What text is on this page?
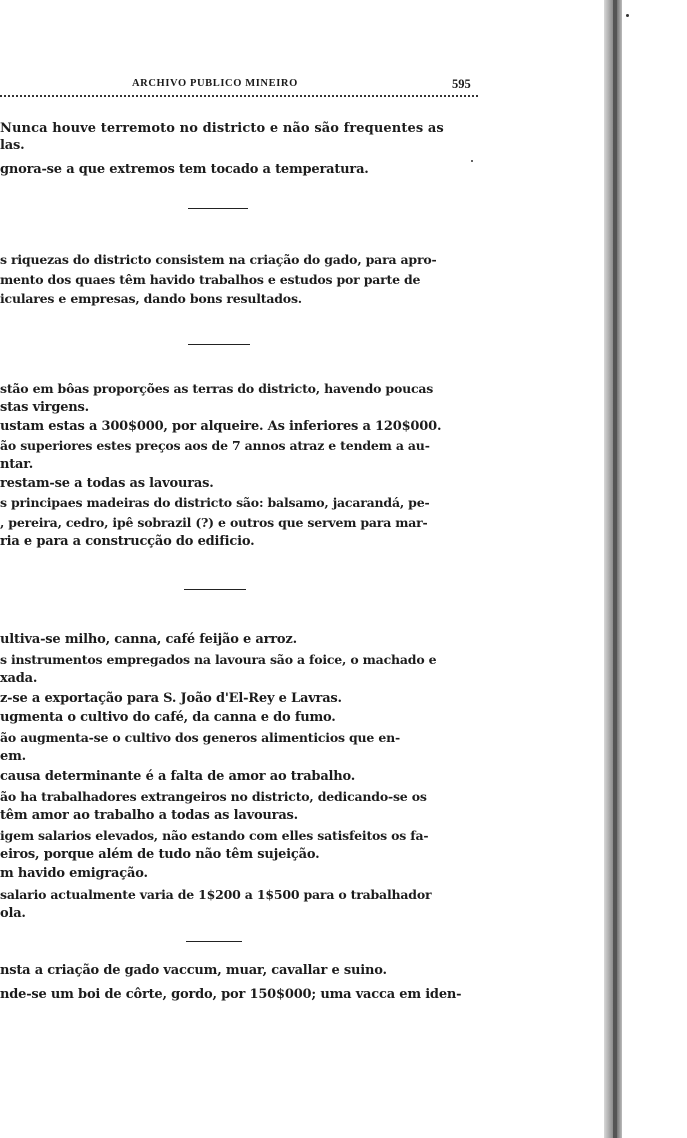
ARCHIVO PUBLICO MINEIRO	595
Nunca houve terremoto no districto e não são frequentes as
las.
gnora-se a que extremos tem tocado a temperatura.
s riquezas do districto consistem na criação do gado, para apro-
mento dos quaes têm havido trabalhos e estudos por parte de
iculares e empresas, dando bons resultados.
stão em bôas proporções as terras do districto, havendo poucas
stas virgens.
ustam estas a 300$000, por alqueire. As inferiores a 120$000.
ão superiores estes preços aos de 7 annos atraz e tendem a au-
ntar.
restam-se a todas as lavouras.
s principaes madeiras do districto são: balsamo, jacarandá, pe-
, pereira, cedro, ipê sobrazil (?) e outros que servem para mar-
ria e para a construcção do edificio.
ultiva-se milho, canna, café feijão e arroz.
s instrumentos empregados na lavoura são a foice, o machado e
xada.
z-se a exportação para S. João d'El-Rey e Lavras.
ugmenta o cultivo do café, da canna e do fumo.
ão augmenta-se o cultivo dos generos alimenticios que en-
em.
causa determinante é a falta de amor ao trabalho.
ão ha trabalhadores extrangeiros no districto, dedicando-se os
têm amor ao trabalho a todas as lavouras.
igem salarios elevados, não estando com elles satisfeitos os fa-
eiros, porque além de tudo não têm sujeição.
m havido emigração.
salario actualmente varia de 1$200 a 1$500 para o trabalhador
ola.
nsta a criação de gado vaccum, muar, cavallar e suino.
nde-se um boi de côrte, gordo, por 150$000; uma vacca em iden-
